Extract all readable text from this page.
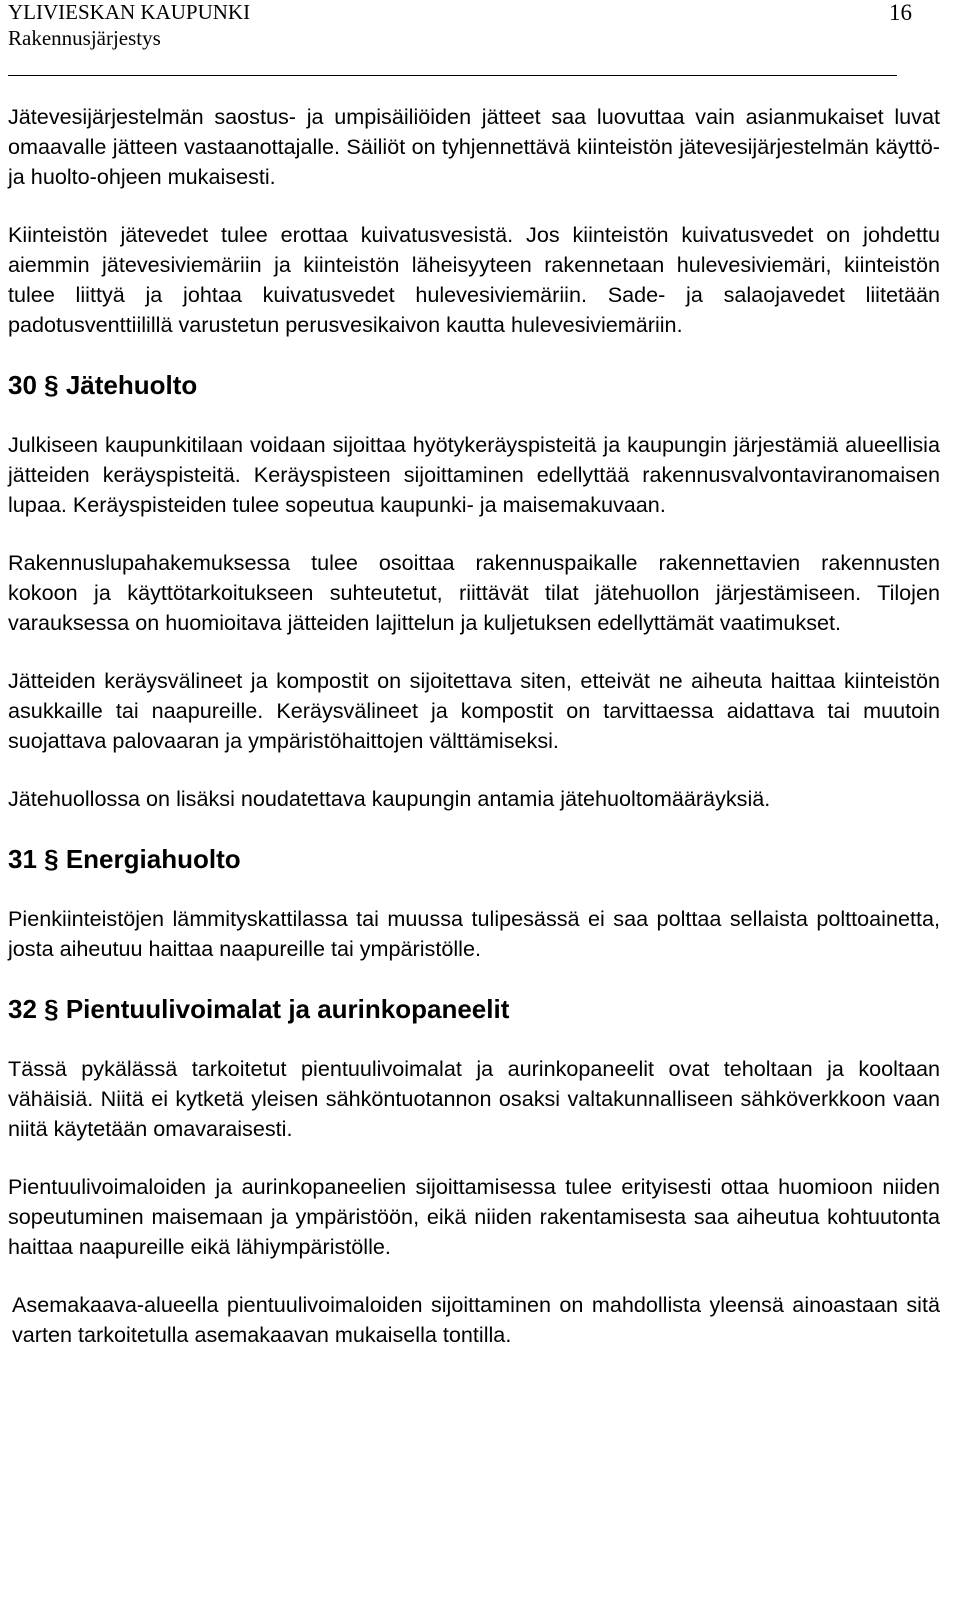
YLIVIESKAN KAUPUNKI
Rakennusjärjestys
16

Jätevesijärjestelmän saostus- ja umpisäiliöiden jätteet saa luovuttaa vain asianmukaiset luvat omaavalle jätteen vastaanottajalle. Säiliöt on tyhjennettävä kiinteistön jätevesijärjestelmän käyttö- ja huolto-ohjeen mukaisesti.

Kiinteistön jätevedet tulee erottaa kuivatusvesistä. Jos kiinteistön kuivatusvedet on johdettu aiemmin jätevesiviemäriin ja kiinteistön läheisyyteen rakennetaan hulevesiviemäri, kiinteistön tulee liittyä ja johtaa kuivatusvedet hulevesiviemäriin. Sade- ja salaojavedet liitetään padotusventtiilillä varustetun perusvesikaivon kautta hulevesiviemäriin.

30 § Jätehuolto

Julkiseen kaupunkitilaan voidaan sijoittaa hyötykeräyspisteitä ja kaupungin järjestämiä alueellisia jätteiden keräyspisteitä. Keräyspisteen sijoittaminen edellyttää rakennusvalvontaviranomaisen lupaa. Keräyspisteiden tulee sopeutua kaupunki- ja maisemakuvaan.

Rakennuslupahakemuksessa tulee osoittaa rakennuspaikalle rakennettavien rakennusten kokoon ja käyttötarkoitukseen suhteutetut, riittävät tilat jätehuollon järjestämiseen. Tilojen varauksessa on huomioitava jätteiden lajittelun ja kuljetuksen edellyttämät vaatimukset.

Jätteiden keräysvälineet ja kompostit on sijoitettava siten, etteivät ne aiheuta haittaa kiinteistön asukkaille tai naapureille. Keräysvälineet ja kompostit on tarvittaessa aidattava tai muutoin suojattava palovaaran ja ympäristöhaittojen välttämiseksi.

Jätehuollossa on lisäksi noudatettava kaupungin antamia jätehuoltomääräyksiä.

31 § Energiahuolto

Pienkiinteistöjen lämmityskattilassa tai muussa tulipesässä ei saa polttaa sellaista polttoainetta, josta aiheutuu haittaa naapureille tai ympäristölle.

32 § Pientuulivoimalat ja aurinkopaneelit

Tässä pykälässä tarkoitetut pientuulivoimalat ja aurinkopaneelit ovat teholtaan ja kooltaan vähäisiä. Niitä ei kytketä yleisen sähköntuotannon osaksi valtakunnalliseen sähköverkkoon vaan niitä käytetään omavaraisesti.

Pientuulivoimaloiden ja aurinkopaneelien sijoittamisessa tulee erityisesti ottaa huomioon niiden sopeutuminen maisemaan ja ympäristöön, eikä niiden rakentamisesta saa aiheutua kohtuutonta haittaa naapureille eikä lähiympäristölle.

Asemakaava-alueella pientuulivoimaloiden sijoittaminen on mahdollista yleensä ainoastaan sitä varten tarkoitetulla asemakaavan mukaisella tontilla.
